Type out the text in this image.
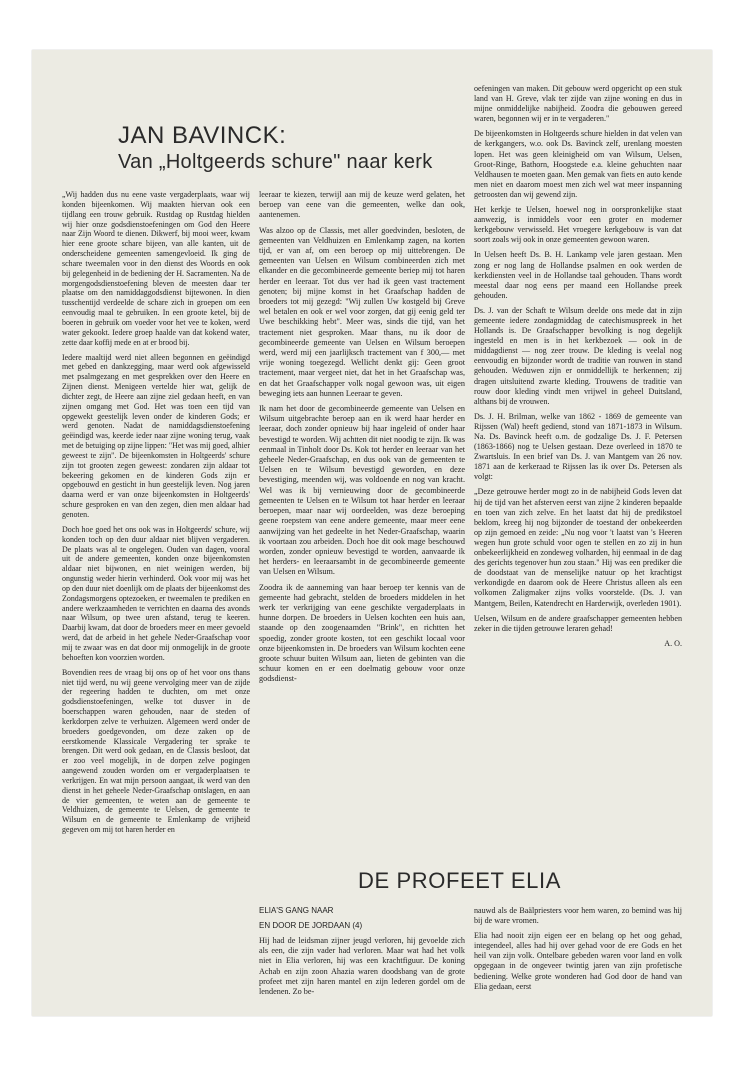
JAN BAVINCK:
Van „Holtgeerds schure" naar kerk

„Wij hadden dus nu eene vaste vergaderplaats, waar wij konden bijeenkomen. Wij maakten hiervan ook een tijdlang een trouw gebruik. Rustdag op Rustdag hielden wij hier onze godsdienstoefeningen om God den Heere naar Zijn Woord te dienen. Dikwerf, bij mooi weer, kwam hier eene groote schare bijeen, van alle kanten, uit de onderscheidene gemeenten samengevloeid. Ik ging de schare tweemalen voor in den dienst des Woords en ook bij gelegenheid in de bediening der H. Sacramenten. Na de morgengodsdienstoefening bleven de meesten daar ter plaatse om den namiddaggodsdienst bijtewonen. In dien tusschentijd verdeelde de schare zich in groepen om een eenvoudig maal te gebruiken. In een groote ketel, bij de boeren in gebruik om voeder voor het vee te koken, werd water gekookt. Iedere groep haalde van dat kokend water, zette daar koffij mede en at er brood bij.

Iedere maaltijd werd niet alleen begonnen en geëindigd met gebed en dankzegging, maar werd ook afgewisseld met psalmgezang en met gesprekken over den Heere en Zijnen dienst. Menigeen vertelde hier wat, gelijk de dichter zegt, de Heere aan zijne ziel gedaan heeft, en van zijnen omgang met God. Het was toen een tijd van opgewekt geestelijk leven onder de kinderen Gods; er werd genoten. Nadat de namiddagsdienstoefening geëindigd was, keerde ieder naar zijne woning terug, vaak met de betuiging op zijne lippen: "Het was mij goed, alhier geweest te zijn". De bijeenkomsten in Holtgeerds' schure zijn tot grooten zegen geweest: zondaren zijn aldaar tot bekeering gekomen en de kinderen Gods zijn er opgebouwd en gesticht in hun geestelijk leven. Nog jaren daarna werd er van onze bijeenkomsten in Holtgeerds' schure gesproken en van den zegen, dien men aldaar had genoten.

Doch hoe goed het ons ook was in Holtgeerds' schure, wij konden toch op den duur aldaar niet blijven vergaderen. De plaats was al te ongelegen. Ouden van dagen, vooral uit de andere gemeenten, konden onze bijeenkomsten aldaar niet bijwonen, en niet weinigen werden, bij ongunstig weder hierin verhinderd. Ook voor mij was het op den duur niet doenlijk om de plaats der bijeenkomst des Zondagsmorgens optezoeken, er tweemalen te prediken en andere werkzaamheden te verrichten en daarna des avonds naar Wilsum, op twee uren afstand, terug te keeren. Daarbij kwam, dat door de broeders meer en meer gevoeld werd, dat de arbeid in het gehele Neder-Graafschap voor mij te zwaar was en dat door mij onmogelijk in de groote behoeften kon voorzien worden.

Bovendien rees de vraag bij ons op of het voor ons thans niet tijd werd, nu wij geene vervolging meer van de zijde der regeering hadden te duchten, om met onze godsdienstoefeningen, welke tot dusver in de boerschappen waren gehouden, naar de steden of kerkdorpen zelve te verhuizen. Algemeen werd onder de broeders goedgevonden, om deze zaken op de eerstkomende Klassicale Vergadering ter sprake te brengen. Dit werd ook gedaan, en de Classis besloot, dat er zoo veel mogelijk, in de dorpen zelve pogingen aangewend zouden worden om er vergaderplaatsen te verkrijgen. En wat mijn persoon aangaat, ik werd van den dienst in het geheele Neder-Graafschap ontslagen, en aan de vier gemeenten, te weten aan de gemeente te Veldhuizen, de gemeente te Uelsen, de gemeente te Wilsum en de gemeente te Emlenkamp de vrijheid gegeven om mij tot haren herder en

leeraar te kiezen, terwijl aan mij de keuze werd gelaten, het beroep van eene van die gemeenten, welke dan ook, aantenemen.

Was alzoo op de Classis, met aller goedvinden, besloten, de gemeenten van Veldhuizen en Emlenkamp zagen, na korten tijd, er van af, om een beroep op mij uittebrengen. De gemeenten van Uelsen en Wilsum combineerden zich met elkander en die gecombineerde gemeente beriep mij tot haren herder en leeraar. Tot dus ver had ik geen vast tractement genoten; bij mijne komst in het Graafschap hadden de broeders tot mij gezegd: "Wij zullen Uw kostgeld bij Greve wel betalen en ook er wel voor zorgen, dat gij eenig geld ter Uwe beschikking hebt". Meer was, sinds die tijd, van het tractement niet gesproken. Maar thans, nu ik door de gecombineerde gemeente van Uelsen en Wilsum beroepen werd, werd mij een jaarlijksch tractement van f 300,— met vrije woning toegezegd. Wellicht denkt gij: Geen groot tractement, maar vergeet niet, dat het in het Graafschap was, en dat het Graafschapper volk nogal gewoon was, uit eigen beweging iets aan hunnen Leeraar te geven.

Ik nam het door de gecombineerde gemeente van Uelsen en Wilsum uitgebrachte beroep aan en ik werd haar herder en leeraar, doch zonder opnieuw bij haar ingeleid of onder haar bevestigd te worden. Wij achtten dit niet noodig te zijn. Ik was eenmaal in Tinholt door Ds. Kok tot herder en leeraar van het geheele Neder-Graafschap, en dus ook van de gemeenten te Uelsen en te Wilsum bevestigd geworden, en deze bevestiging, meenden wij, was voldoende en nog van kracht. Wel was ik bij vernieuwing door de gecombineerde gemeenten te Uelsen en te Wilsum tot haar herder en leeraar beroepen, maar naar wij oordeelden, was deze beroeping geene roepstem van eene andere gemeente, maar meer eene aanwijzing van het gedeelte in het Neder-Graafschap, waarin ik voortaan zou arbeiden. Doch hoe dit ook mage beschouwd worden, zonder opnieuw bevestigd te worden, aanvaarde ik het herders- en leeraarsambt in de gecombineerde gemeente van Uelsen en Wilsum.

Zoodra ik de aanneming van haar beroep ter kennis van de gemeente had gebracht, stelden de broeders middelen in het werk ter verkrijging van eene geschikte vergaderplaats in hunne dorpen. De broeders in Uelsen kochten een huis aan, staande op den zoogenaamden "Brink", en richtten het spoedig, zonder groote kosten, tot een geschikt locaal voor onze bijeenkomsten in. De broeders van Wilsum kochten eene groote schuur buiten Wilsum aan, lieten de gebinten van die schuur komen en er een doelmatig gebouw voor onze godsdienst-

oefeningen van maken. Dit gebouw werd opgericht op een stuk land van H. Greve, vlak ter zijde van zijne woning en dus in mijne onmiddelijke nabijheid. Zoodra die gebouwen gereed waren, begonnen wij er in te vergaderen."

De bijeenkomsten in Holtgeerds schure hielden in dat velen van de kerkgangers, w.o. ook Ds. Bavinck zelf, urenlang moesten lopen. Het was geen kleinigheid om van Wilsum, Uelsen, Groot-Ringe, Bathorn, Hoogstede e.a. kleine gehuchten naar Veldhausen te moeten gaan. Men gemak van fiets en auto kende men niet en daarom moest men zich wel wat meer inspanning getroosten dan wij gewend zijn.

Het kerkje te Uelsen, hoewel nog in oorspronkelijke staat aanwezig, is inmiddels voor een groter en moderner kerkgebouw verwisseld. Het vroegere kerkgebouw is van dat soort zoals wij ook in onze gemeenten gewoon waren.

In Uelsen heeft Ds. B. H. Lankamp vele jaren gestaan. Men zong er nog lang de Hollandse psalmen en ook werden de kerkdiensten veel in de Hollandse taal gehouden. Thans wordt meestal daar nog eens per maand een Hollandse preek gehouden.

Ds. J. van der Schaft te Wilsum deelde ons mede dat in zijn gemeente iedere zondagmiddag de catechismuspreek in het Hollands is. De Graafschapper bevolking is nog degelijk ingesteld en men is in het kerkbezoek — ook in de middagdienst — nog zeer trouw. De kleding is veelal nog eenvoudig en bijzonder wordt de traditie van rouwen in stand gehouden. Weduwen zijn er onmiddellijk te herkennen; zij dragen uitsluitend zwarte kleding. Trouwens de traditie van rouw door kleding vindt men vrijwel in geheel Duitsland, althans bij de vrouwen.

Ds. J. H. Brilman, welke van 1862 - 1869 de gemeente van Rijssen (Wal) heeft gediend, stond van 1871-1873 in Wilsum. Na. Ds. Bavinck heeft o.m. de godzalige Ds. J. F. Petersen (1863-1866) nog te Uelsen gestaan. Deze overleed in 1870 te Zwartsluis. In een brief van Ds. J. van Mantgem van 26 nov. 1871 aan de kerkeraad te Rijssen las ik over Ds. Petersen als volgt:

„Deze getrouwe herder mogt zo in de nabijheid Gods leven dat hij de tijd van het afsterven eerst van zijne 2 kinderen bepaalde en toen van zich zelve. En het laatst dat hij de predikstoel beklom, kreeg hij nog bijzonder de toestand der onbekeerden op zijn gemoed en zeide: „Nu nog voor 't laatst van 's Heeren wegen hun grote schuld voor ogen te stellen en zo zij in hun onbekeerlijkheid en zondeweg volharden, hij eenmaal in de dag des gerichts tegenover hun zou staan." Hij was een prediker die de doodstaat van de menselijke natuur op het krachtigst verkondigde en daarom ook de Heere Christus alleen als een volkomen Zaligmaker zijns volks voorstelde. (Ds. J. van Mantgem, Beilen, Katendrecht en Harderwijk, overleden 1901).

Uelsen, Wilsum en de andere graafschapper gemeenten hebben zeker in die tijden getrouwe leraren gehad!

A. O.
DE PROFEET ELIA

ELIA'S GANG NAAR

EN DOOR DE JORDAAN (4)

Hij had de leidsman zijner jeugd verloren, hij gevoelde zich als een, die zijn vader had verloren. Maar wat had het volk niet in Elia verloren, hij was een krachtfiguur. De koning Achab en zijn zoon Ahazia waren doodsbang van de grote profeet met zijn haren mantel en zijn lederen gordel om de lendenen. Zo be-

nauwd als de Baälpriesters voor hem waren, zo bemind was hij bij de ware vromen.

Elia had nooit zijn eigen eer en belang op het oog gehad, integendeel, alles had hij over gehad voor de ere Gods en het heil van zijn volk. Ontelbare gebeden waren voor land en volk opgegaan in de ongeveer twintig jaren van zijn profetische bediening. Welke grote wonderen had God door de hand van Elia gedaan, eerst
